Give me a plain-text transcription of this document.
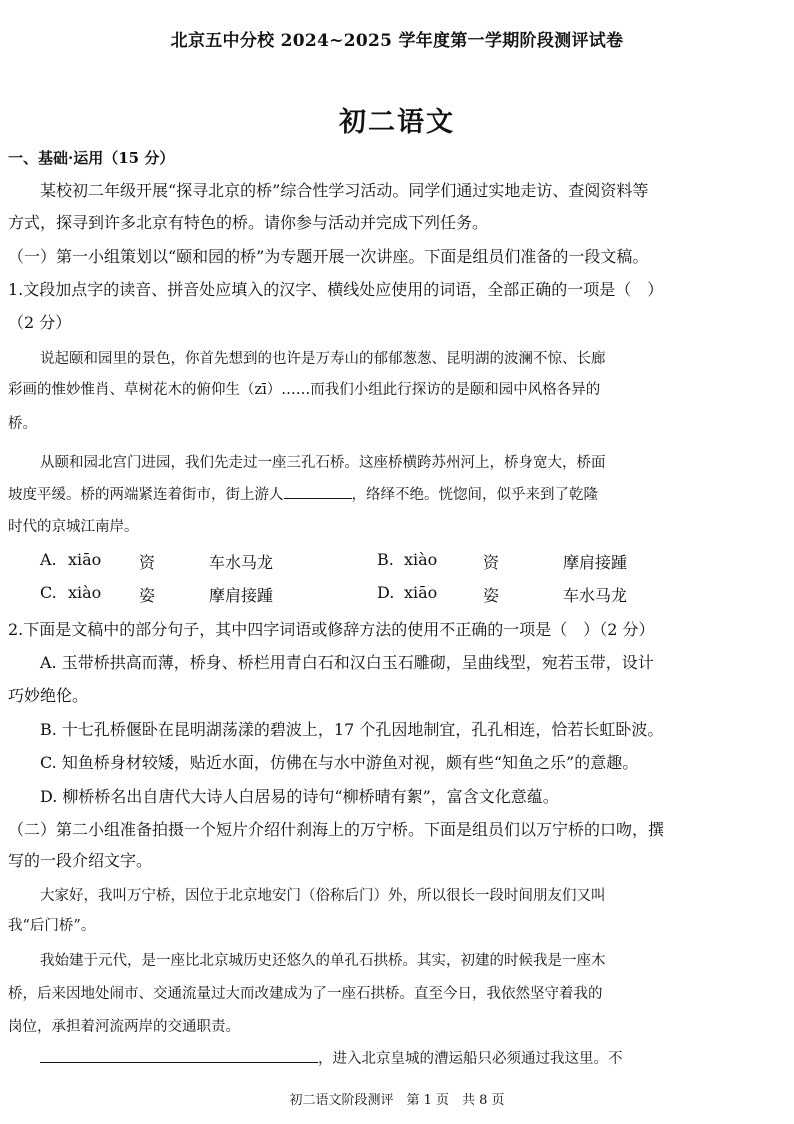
北京五中分校 2024~2025 学年度第一学期阶段测评试卷
初二语文
一、基础·运用（15 分）
某校初二年级开展“探寻北京的桥”综合性学习活动。同学们通过实地走访、查阅资料等
方式，探寻到许多北京有特色的桥。请你参与活动并完成下列任务。
（一）第一小组策划以“颐和园的桥”为专题开展一次讲座。下面是组员们准备的一段文稿。
1.文段加点字的读音、拼音处应填入的汉字、横线处应使用的词语，全部正确的一项是（　）
（2 分）
说起颐和园里的景色，你首先想到的也许是万寿山的郁郁葱葱、昆明湖的波澜不惊、长廊
彩画的惟妙惟肖、草树花木的俯仰生（zī）……而我们小组此行探访的是颐和园中风格各异的
桥。
从颐和园北宫门进园，我们先走过一座三孔石桥。这座桥横跨苏州河上，桥身宽大，桥面
坡度平缓。桥的两端紧连着街市，街上游人	，络绎不绝。恍惚间，似乎来到了乾隆
时代的京城江南岸。
A. xiāo 资	车水马龙	B. xiào	资	摩肩接踵
C. xiào 姿	摩肩接踵	D. xiāo	姿	车水马龙
2.下面是文稿中的部分句子，其中四字词语或修辞方法的使用不正确的一项是（　）（2 分）
A. 玉带桥拱高而薄，桥身、桥栏用青白石和汉白玉石雕砌，呈曲线型，宛若玉带，设计
巧妙绝伦。
B. 十七孔桥偃卧在昆明湖荡漾的碧波上，17 个孔因地制宜，孔孔相连，恰若长虹卧波。
C. 知鱼桥身材较矮，贴近水面，仿佛在与水中游鱼对视，颇有些“知鱼之乐”的意趣。
D. 柳桥桥名出自唐代大诗人白居易的诗句“柳桥晴有絮”，富含文化意蕴。
（二）第二小组准备拍摄一个短片介绍什刹海上的万宁桥。下面是组员们以万宁桥的口吻，撰
写的一段介绍文字。
大家好，我叫万宁桥，因位于北京地安门（俗称后门）外，所以很长一段时间朋友们又叫
我“后门桥”。
我始建于元代，是一座比北京城历史还悠久的单孔石拱桥。其实，初建的时候我是一座木
桥，后来因地处闹市、交通流量过大而改建成为了一座石拱桥。直至今日，我依然坚守着我的
岗位，承担着河流两岸的交通职责。
，进入北京皇城的漕运船只必须通过我这里。不
初二语文阶段测评　第 1 页　共 8 页
